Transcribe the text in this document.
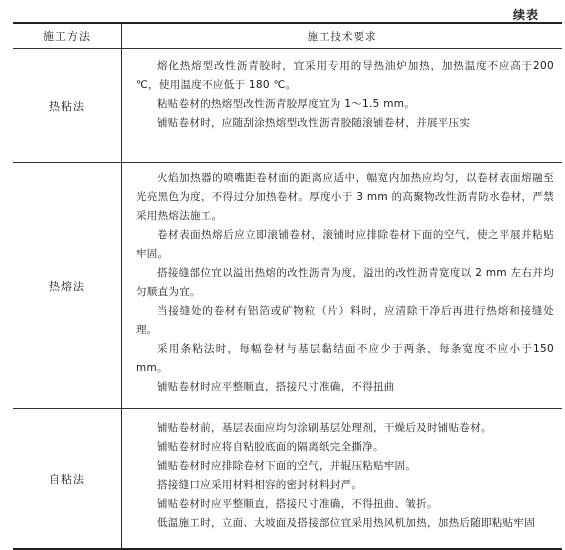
续表
施工方法	施工技术要求
热粘法

熔化热熔型改性沥青胶时，宜采用专用的导热油炉加热，加热温度不应高于200 ℃，使用温度不应低于 180 ℃。

粘贴卷材的热熔型改性沥青胶厚度宜为 1～1.5 mm。

铺贴卷材时，应随刮涂热熔型改性沥青胶随滚铺卷材，并展平压实

热熔法

火焰加热器的喷嘴距卷材面的距离应适中，幅宽内加热应均匀，以卷材表面熔融至光亮黑色为度，不得过分加热卷材。厚度小于 3 mm 的高聚物改性沥青防水卷材，严禁采用热熔法施工。

卷材表面热熔后应立即滚铺卷材，滚铺时应排除卷材下面的空气，使之平展并粘贴牢固。

搭接缝部位宜以溢出热熔的改性沥青为度，溢出的改性沥青宽度以 2 mm 左右并均匀顺直为宜。

当接缝处的卷材有铝箔或矿物粒（片）料时，应清除干净后再进行热熔和接缝处理。

采用条粘法时，每幅卷材与基层黏结面不应少于两条，每条宽度不应小于150 mm。

铺贴卷材时应平整顺直，搭接尺寸准确，不得扭曲

自粘法

铺贴卷材前，基层表面应均匀涂刷基层处理剂，干燥后及时铺贴卷材。

铺贴卷材时应将自粘胶底面的隔离纸完全撕净。

铺贴卷材时应排除卷材下面的空气，并辊压粘贴牢固。

搭接缝口应采用材料相容的密封材料封严。

铺贴卷材时应平整顺直，搭接尺寸准确，不得扭曲、皱折。

低温施工时，立面、大坡面及搭接部位宜采用热风机加热，加热后随即粘贴牢固
